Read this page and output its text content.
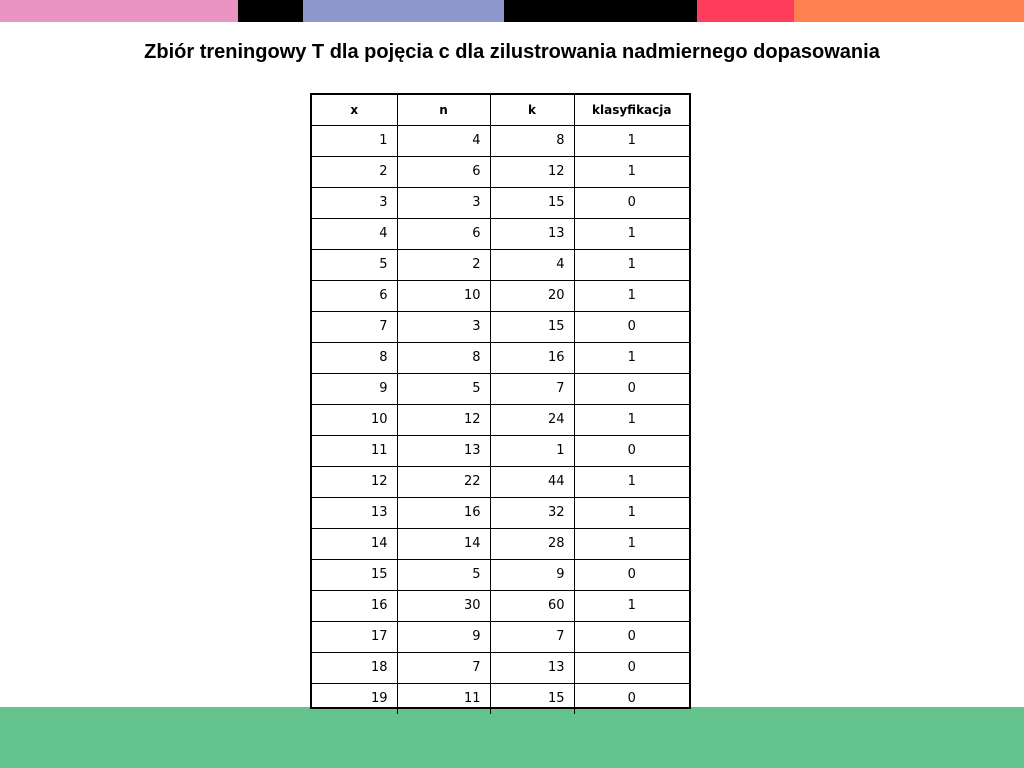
Zbiór treningowy T dla pojęcia c dla zilustrowania nadmiernego dopasowania
x	n	k	klasyfikacja
1	4	8	1
2	6	12	1
3	3	15	0
4	6	13	1
5	2	4	1
6	10	20	1
7	3	15	0
8	8	16	1
9	5	7	0
10	12	24	1
11	13	1	0
12	22	44	1
13	16	32	1
14	14	28	1
15	5	9	0
16	30	60	1
17	9	7	0
18	7	13	0
19	11	15	0
